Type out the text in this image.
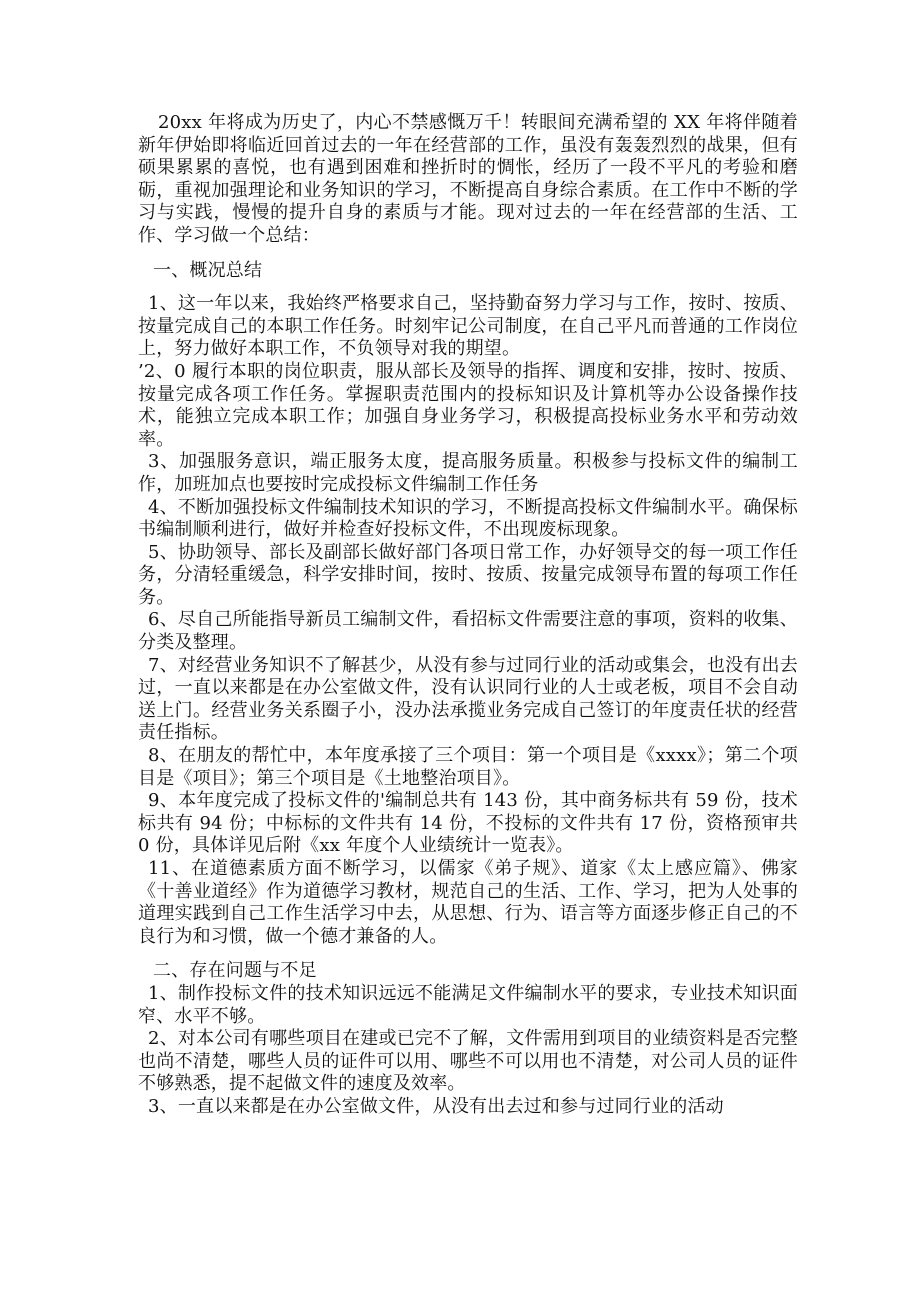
20xx 年将成为历史了，内心不禁感慨万千！转眼间充满希望的 XX 年将伴随着新年伊始即将临近回首过去的一年在经营部的工作，虽没有轰轰烈烈的战果，但有硕果累累的喜悦，也有遇到困难和挫折时的惆怅，经历了一段不平凡的考验和磨砺，重视加强理论和业务知识的学习，不断提高自身综合素质。在工作中不断的学习与实践，慢慢的提升自身的素质与才能。现对过去的一年在经营部的生活、工作、学习做一个总结：

一、概况总结

1、这一年以来，我始终严格要求自己，坚持勤奋努力学习与工作，按时、按质、按量完成自己的本职工作任务。时刻牢记公司制度，在自己平凡而普通的工作岗位上，努力做好本职工作，不负领导对我的期望。

’2、0 履行本职的岗位职责，服从部长及领导的指挥、调度和安排，按时、按质、按量完成各项工作任务。掌握职责范围内的投标知识及计算机等办公设备操作技术，能独立完成本职工作；加强自身业务学习，积极提高投标业务水平和劳动效率。

3、加强服务意识，端正服务太度，提高服务质量。积极参与投标文件的编制工作，加班加点也要按时完成投标文件编制工作任务

4、不断加强投标文件编制技术知识的学习，不断提高投标文件编制水平。确保标书编制顺利进行，做好并检查好投标文件，不出现废标现象。

5、协助领导、部长及副部长做好部门各项日常工作，办好领导交的每一项工作任务，分清轻重缓急，科学安排时间，按时、按质、按量完成领导布置的每项工作任务。

6、尽自己所能指导新员工编制文件，看招标文件需要注意的事项，资料的收集、分类及整理。

7、对经营业务知识不了解甚少，从没有参与过同行业的活动或集会，也没有出去过，一直以来都是在办公室做文件，没有认识同行业的人士或老板，项目不会自动送上门。经营业务关系圈子小，没办法承揽业务完成自己签订的年度责任状的经营责任指标。

8、在朋友的帮忙中，本年度承接了三个项目：第一个项目是《xxxx》；第二个项目是《项目》；第三个项目是《土地整治项目》。

9、本年度完成了投标文件的'编制总共有 143 份，其中商务标共有 59 份，技术标共有 94 份；中标标的文件共有 14 份，不投标的文件共有 17 份，资格预审共 0 份，具体详见后附《xx 年度个人业绩统计一览表》。

11、在道德素质方面不断学习，以儒家《弟子规》、道家《太上感应篇》、佛家《十善业道经》作为道德学习教材，规范自己的生活、工作、学习，把为人处事的道理实践到自己工作生活学习中去，从思想、行为、语言等方面逐步修正自己的不良行为和习惯，做一个德才兼备的人。

二、存在问题与不足

1、制作投标文件的技术知识远远不能满足文件编制水平的要求，专业技术知识面窄、水平不够。

2、对本公司有哪些项目在建或已完不了解，文件需用到项目的业绩资料是否完整也尚不清楚，哪些人员的证件可以用、哪些不可以用也不清楚，对公司人员的证件不够熟悉，提不起做文件的速度及效率。

3、一直以来都是在办公室做文件，从没有出去过和参与过同行业的活动
